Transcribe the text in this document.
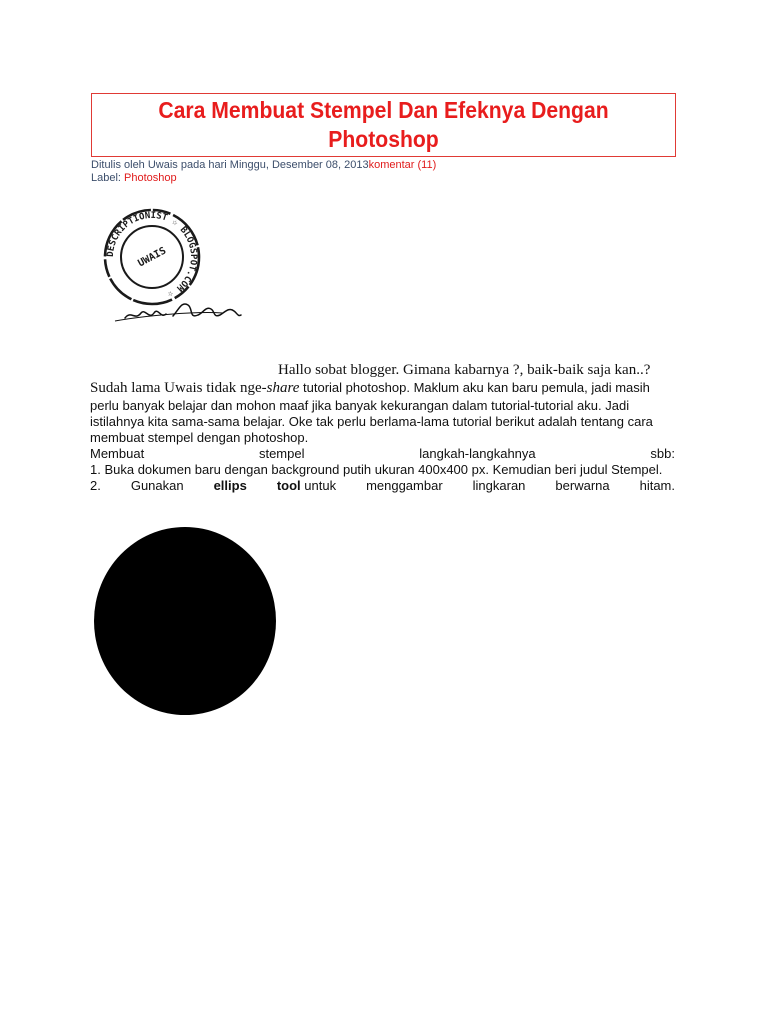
Cara Membuat Stempel Dan Efeknya Dengan Photoshop
Ditulis oleh Uwais pada hari Minggu, Desember 08, 2013komentar (11)
Label: Photoshop
DESCRIPTIONIST ☆ BLOGSPOT.COM ☆
UWAIS
Hallo sobat blogger. Gimana kabarnya ?, baik-baik saja kan..?
Sudah lama Uwais tidak nge-share tutorial photoshop. Maklum aku kan baru pemula, jadi masih
perlu banyak belajar dan mohon maaf jika banyak kekurangan dalam tutorial-tutorial aku. Jadi
istilahnya kita sama-sama belajar. Oke tak perlu berlama-lama tutorial berikut adalah tentang cara
membuat stempel dengan photoshop.
Membuat	stempel	langkah-langkahnya	sbb:
1. Buka dokumen baru dengan background putih ukuran 400x400 px. Kemudian beri judul Stempel.
2. Gunakan ellips tool untuk menggambar lingkaran berwarna hitam.
